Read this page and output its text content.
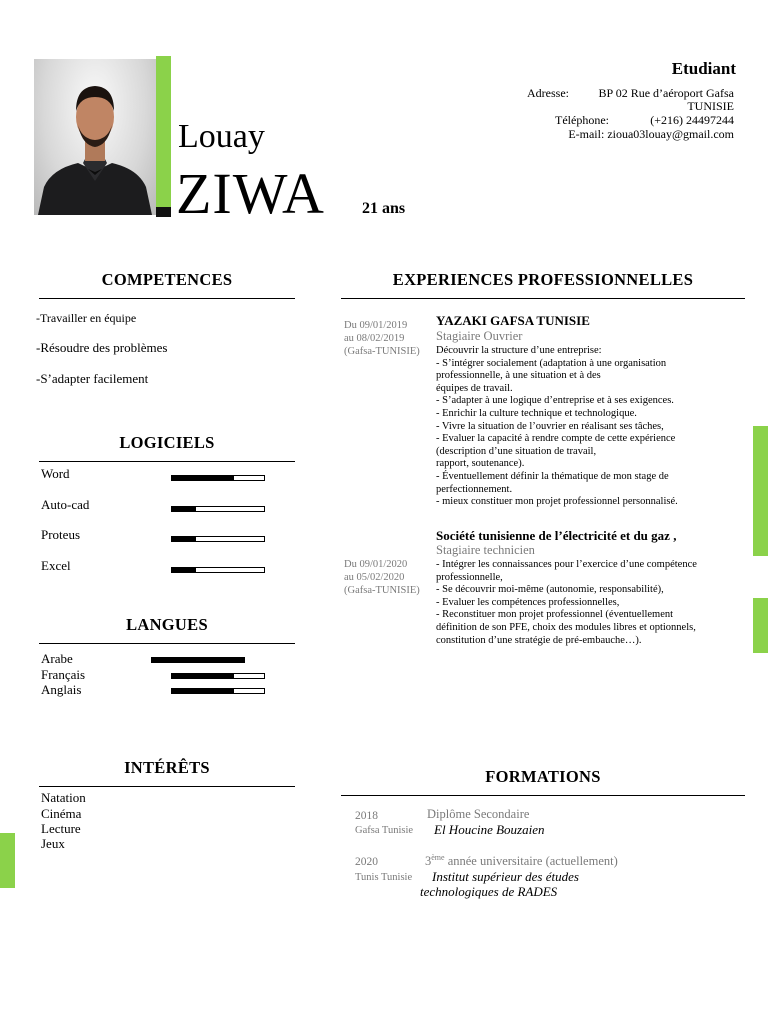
Louay
ZIWA 21 ans
Etudiant
Adresse: BP 02 Rue d’aéroport Gafsa
TUNISIE
Téléphone:	(+216) 24497244
E-mail: zioua03louay@gmail.com
COMPETENCES
-Travailler en équipe
-Résoudre des problèmes
-S’adapter facilement
LOGICIELS
Word
Auto-cad
Proteus
Excel
LANGUES
Arabe
Français
Anglais
INTÉRÊTS
Natation
Cinéma
Lecture
Jeux
EXPERIENCES PROFESSIONNELLES
Du 09/01/2019
au 08/02/2019
(Gafsa-TUNISIE)
YAZAKI GAFSA TUNISIE
Stagiaire Ouvrier
Découvrir la structure d’une entreprise:
- S’intégrer socialement (adaptation à une organisation
professionnelle, à une situation et à des
équipes de travail.
- S’adapter à une logique d’entreprise et à ses exigences.
- Enrichir la culture technique et technologique.
- Vivre la situation de l’ouvrier en réalisant ses tâches,
- Evaluer la capacité à rendre compte de cette expérience
(description d’une situation de travail,
rapport, soutenance).
- Éventuellement définir la thématique de mon stage de
perfectionnement.
- mieux constituer mon projet professionnel personnalisé.
Société tunisienne de l’électricité et du gaz ,
Stagiaire technicien
Du 09/01/2020
au 05/02/2020
(Gafsa-TUNISIE)
- Intégrer les connaissances pour l’exercice d’une compétence
professionnelle,
- Se découvrir moi-même (autonomie, responsabilité),
- Evaluer les compétences professionnelles,
- Reconstituer mon projet professionnel (éventuellement
définition de son PFE, choix des modules libres et optionnels,
constitution d’une stratégie de pré-embauche…).
FORMATIONS
2018
Gafsa Tunisie
Diplôme Secondaire
El Houcine Bouzaien
2020
Tunis Tunisie
3ème année universitaire (actuellement)
Institut supérieur des études
technologiques de RADES
